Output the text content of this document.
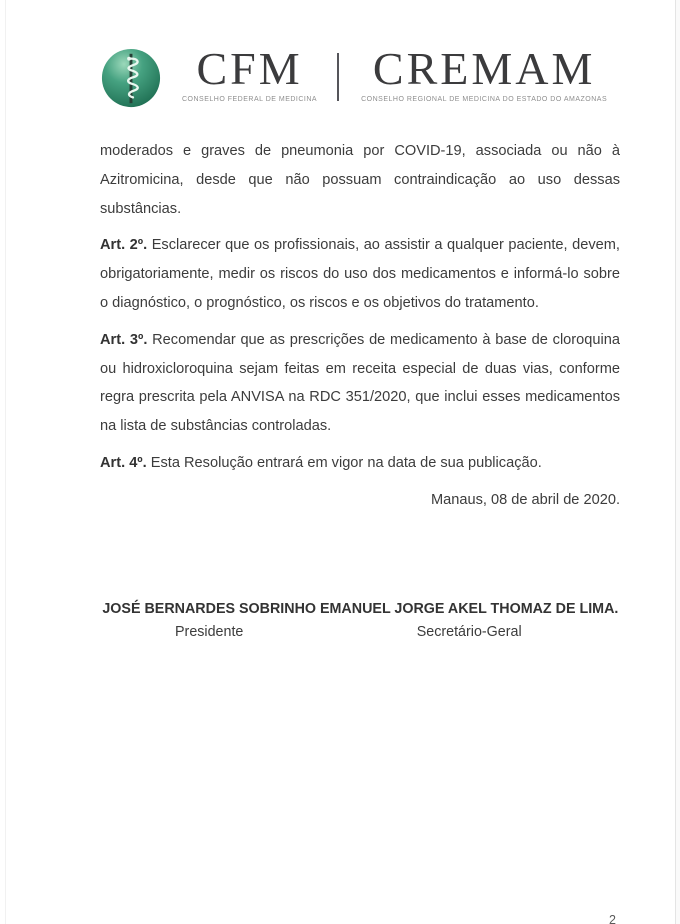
CFM
CONSELHO FEDERAL DE MEDICINA
CREMAM
CONSELHO REGIONAL DE MEDICINA DO ESTADO DO AMAZONAS

moderados e graves de pneumonia por COVID-19, associada ou não à Azitromicina, desde que não possuam contraindicação ao uso dessas substâncias.

Art. 2º. Esclarecer que os profissionais, ao assistir a qualquer paciente, devem, obrigatoriamente, medir os riscos do uso dos medicamentos e informá-lo sobre o diagnóstico, o prognóstico, os riscos e os objetivos do tratamento.

Art. 3º. Recomendar que as prescrições de medicamento à base de cloroquina ou hidroxicloroquina sejam feitas em receita especial de duas vias, conforme regra prescrita pela ANVISA na RDC 351/2020, que inclui esses medicamentos na lista de substâncias controladas.

Art. 4º. Esta Resolução entrará em vigor na data de sua publicação.

Manaus, 08 de abril de 2020.

JOSÉ BERNARDES SOBRINHO
Presidente
EMANUEL JORGE AKEL THOMAZ DE LIMA.
Secretário-Geral
2
